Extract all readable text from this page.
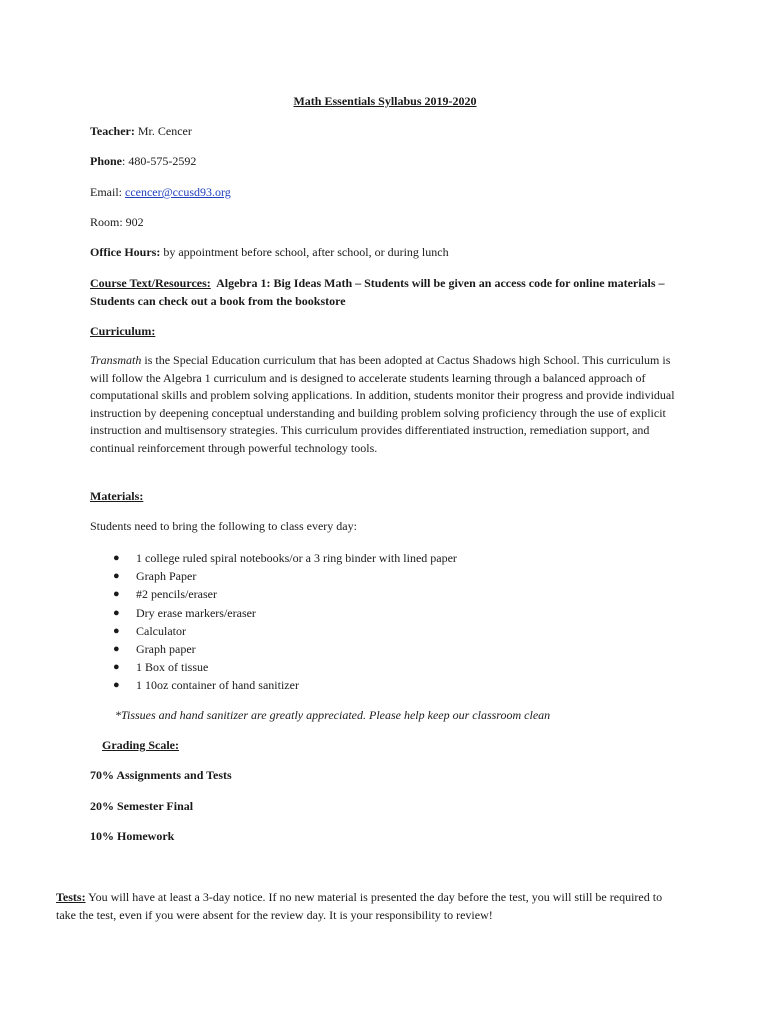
Math Essentials Syllabus 2019-2020
Teacher: Mr. Cencer
Phone: 480-575-2592
Email: ccencer@ccusd93.org
Room: 902
Office Hours: by appointment before school, after school, or during lunch
Course Text/Resources: Algebra 1: Big Ideas Math – Students will be given an access code for online materials – Students can check out a book from the bookstore
Curriculum:
Transmath is the Special Education curriculum that has been adopted at Cactus Shadows high School. This curriculum is will follow the Algebra 1 curriculum and is designed to accelerate students learning through a balanced approach of computational skills and problem solving applications. In addition, students monitor their progress and provide individual instruction by deepening conceptual understanding and building problem solving proficiency through the use of explicit instruction and multisensory strategies. This curriculum provides differentiated instruction, remediation support, and continual reinforcement through powerful technology tools.
Materials:
Students need to bring the following to class every day:
● 1 college ruled spiral notebooks/or a 3 ring binder with lined paper
● Graph Paper
● #2 pencils/eraser
● Dry erase markers/eraser
● Calculator
● Graph paper
● 1 Box of tissue
● 1 10oz container of hand sanitizer
*Tissues and hand sanitizer are greatly appreciated. Please help keep our classroom clean
Grading Scale:
70% Assignments and Tests
20% Semester Final
10% Homework
Tests: You will have at least a 3-day notice. If no new material is presented the day before the test, you will still be required to take the test, even if you were absent for the review day. It is your responsibility to review!
